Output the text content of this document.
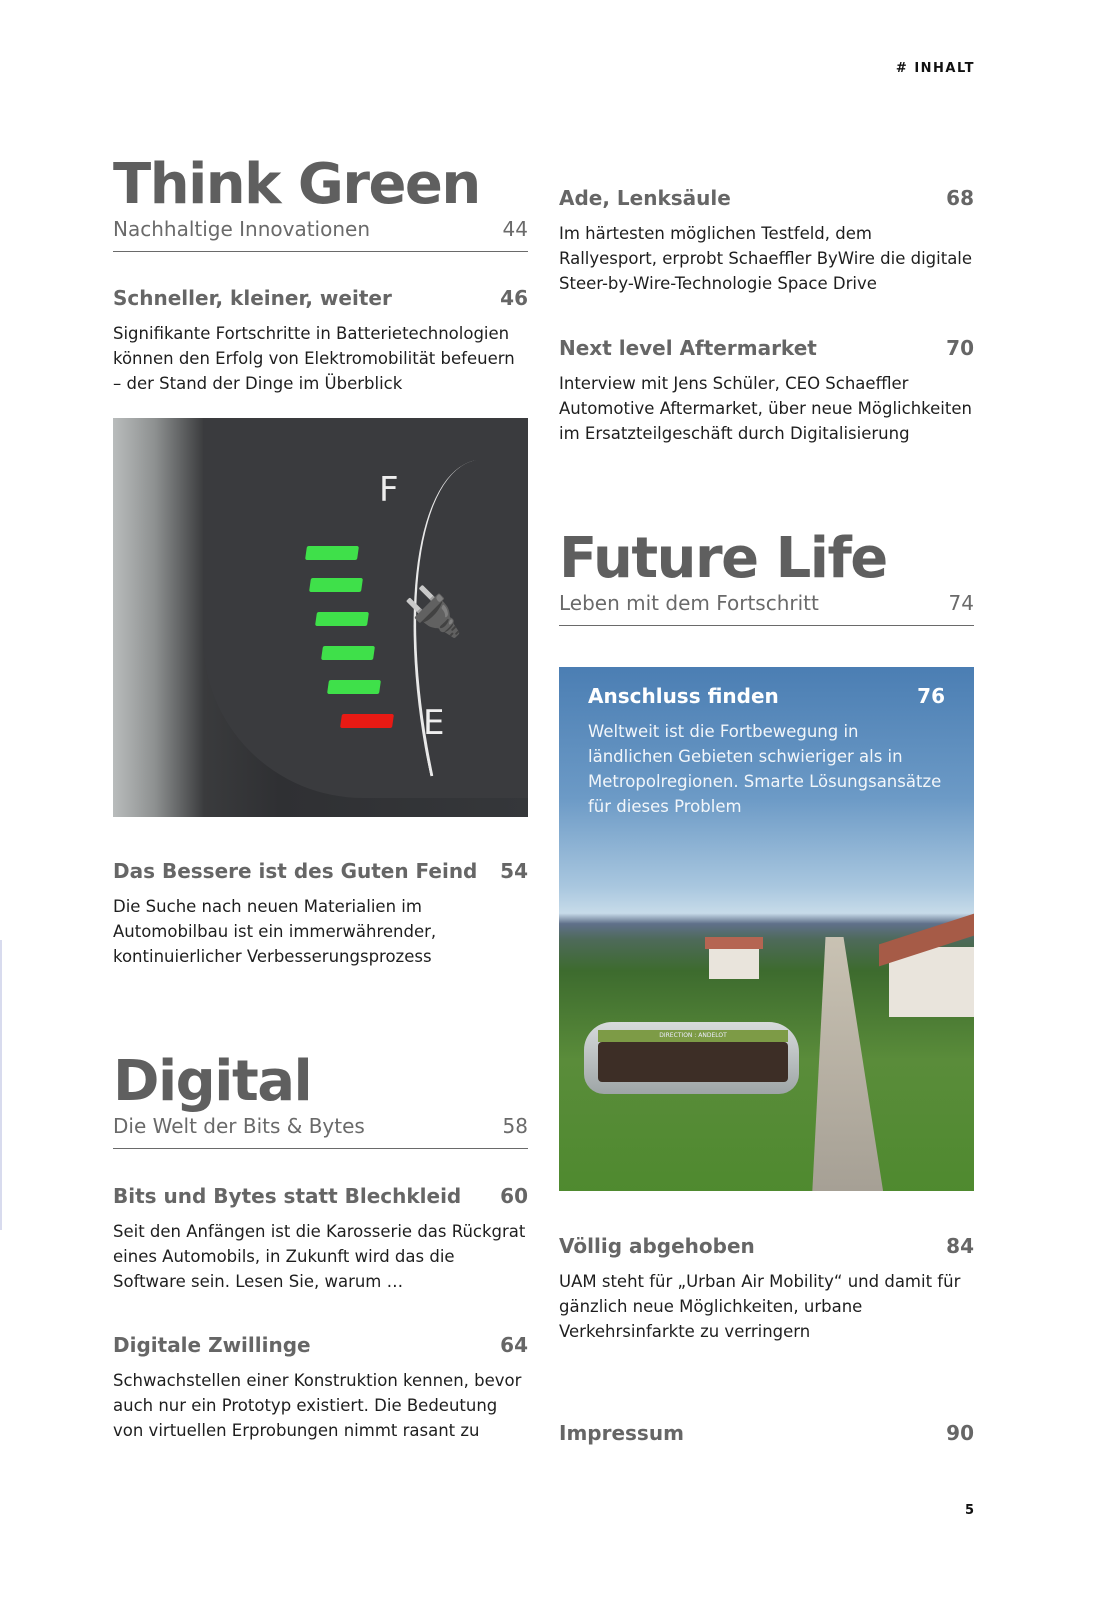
# INHALT
Think Green
Nachhaltige Innovationen	44
Schneller, kleiner, weiter	46
Signifikante Fortschritte in Batterietechnologien können den Erfolg von Elektromobilität befeuern – der Stand der Dinge im Überblick
F
E
🔌
Das Bessere ist des Guten Feind 54
Die Suche nach neuen Materialien im Automobilbau ist ein immerwährender, kontinuierlicher Verbesserungsprozess
Digital
Die Welt der Bits & Bytes	58
Bits und Bytes statt Blechkleid 60
Seit den Anfängen ist die Karosserie das Rückgrat eines Automobils, in Zukunft wird das die Software sein. Lesen Sie, warum …
Digitale Zwillinge	64
Schwachstellen einer Konstruktion kennen, bevor auch nur ein Prototyp existiert. Die Bedeutung von virtuellen Erprobungen nimmt rasant zu
Ade, Lenksäule	68
Im härtesten möglichen Testfeld, dem Rallyesport, erprobt Schaeffler ByWire die digitale Steer-by-Wire-Technologie Space Drive
Next level Aftermarket	70
Interview mit Jens Schüler, CEO Schaeffler Automotive Aftermarket, über neue Möglichkeiten im Ersatzteilgeschäft durch Digitalisierung
Future Life
Leben mit dem Fortschritt	74
DIRECTION : ANDELOT
Anschluss finden	76
Weltweit ist die Fortbewegung in ländlichen Gebieten schwieriger als in Metropolregionen. Smarte Lösungsansätze für dieses Problem
Völlig abgehoben	84
UAM steht für „Urban Air Mobility“ und damit für gänzlich neue Möglichkeiten, urbane Verkehrsinfarkte zu verringern
Impressum	90
5
